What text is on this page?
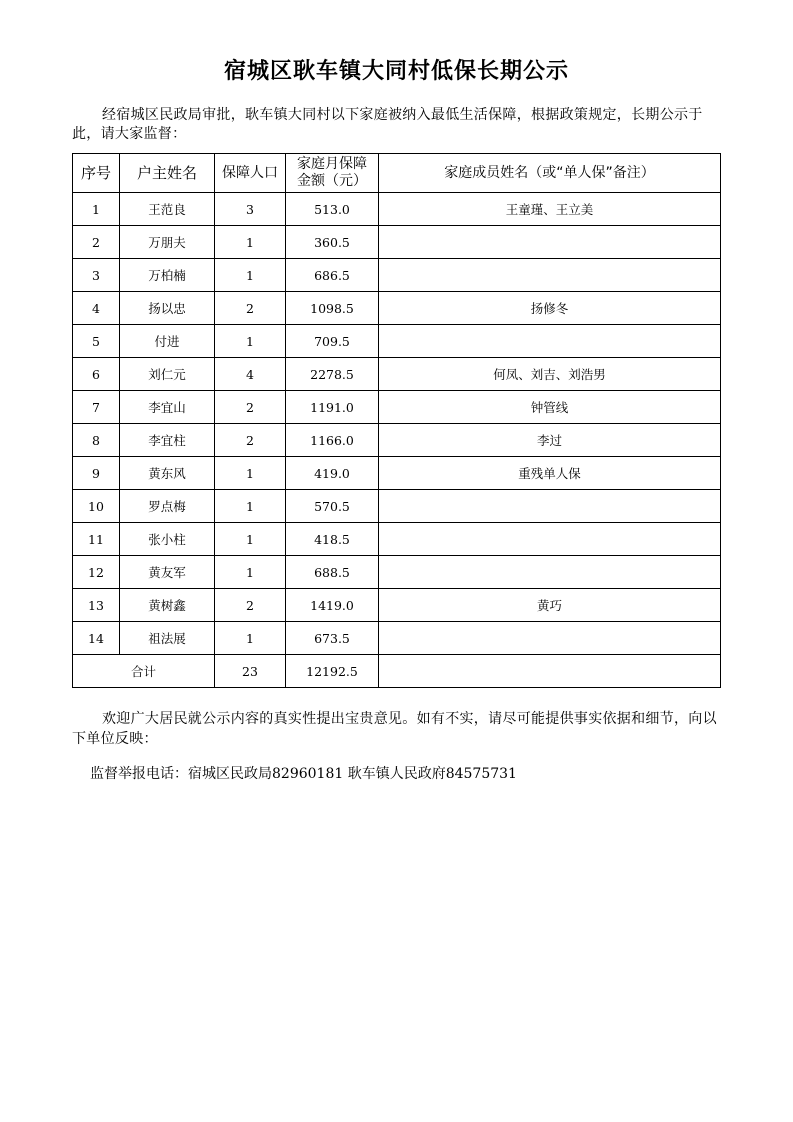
宿城区耿车镇大同村低保长期公示
经宿城区民政局审批，耿车镇大同村以下家庭被纳入最低生活保障，根据政策规定，长期公示于此，请大家监督：
序号	户主姓名	保障人口	家庭月保障
金额（元）	家庭成员姓名（或“单人保”备注）
1	王范良	3	513.0	王童瑾、王立美
2	万朋夫	1	360.5	
3	万柏楠	1	686.5	
4	扬以忠	2	1098.5	扬修冬
5	付进	1	709.5	
6	刘仁元	4	2278.5	何凤、刘吉、刘浩男
7	李宜山	2	1191.0	钟管线
8	李宜柱	2	1166.0	李过
9	黄东风	1	419.0	重残单人保
10	罗点梅	1	570.5	
11	张小柱	1	418.5	
12	黄友军	1	688.5	
13	黄树鑫	2	1419.0	黄巧
14	祖法展	1	673.5	
合计		23	12192.5	
欢迎广大居民就公示内容的真实性提出宝贵意见。如有不实，请尽可能提供事实依据和细节，向以下单位反映：
监督举报电话：宿城区民政局82960181 耿车镇人民政府84575731
